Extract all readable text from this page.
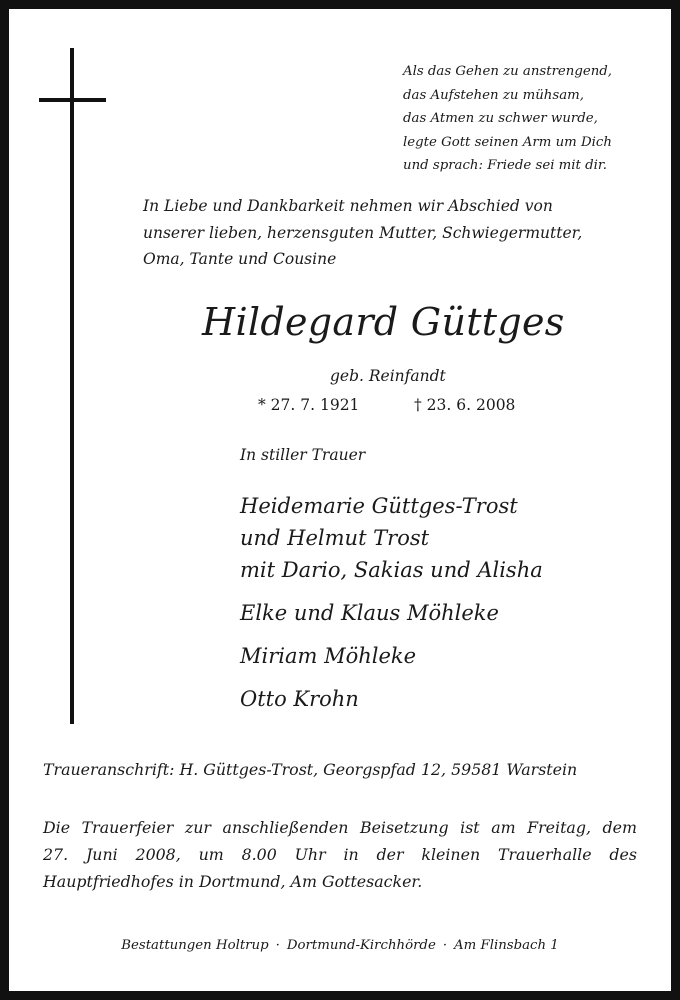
Als das Gehen zu anstrengend,
das Aufstehen zu mühsam,
das Atmen zu schwer wurde,
legte Gott seinen Arm um Dich
und sprach: Friede sei mit dir.
In Liebe und Dankbarkeit nehmen wir Abschied von
unserer lieben, herzensguten Mutter, Schwiegermutter,
Oma, Tante und Cousine
Hildegard Güttges
geb. Reinfandt
* 27. 7. 1921	† 23. 6. 2008
In stiller Trauer
Heidemarie Güttges-Trost
und Helmut Trost
mit Dario, Sakias und Alisha
Elke und Klaus Möhleke
Miriam Möhleke
Otto Krohn
Traueranschrift: H. Güttges-Trost, Georgspfad 12, 59581 Warstein
Die Trauerfeier zur anschließenden Beisetzung ist am Freitag, dem
27. Juni 2008, um 8.00 Uhr in der kleinen Trauerhalle des
Hauptfriedhofes in Dortmund, Am Gottesacker.
Bestattungen Holtrup · Dortmund-Kirchhörde · Am Flinsbach 1
